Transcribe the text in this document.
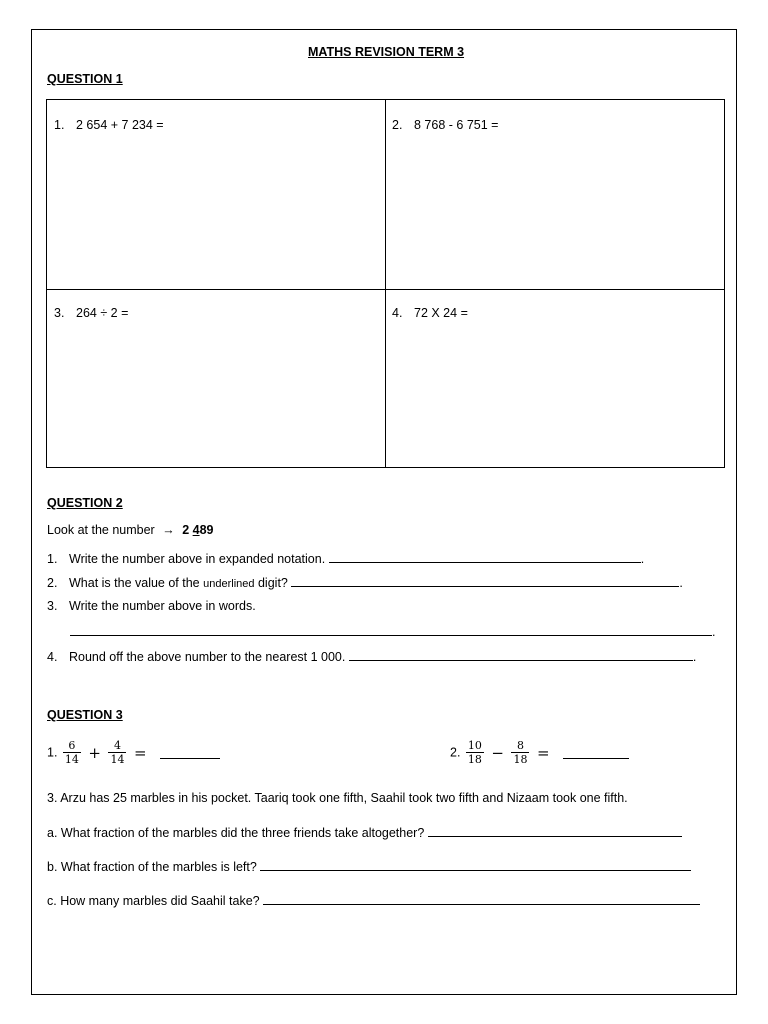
MATHS REVISION TERM 3
QUESTION 1
1. 2 654 + 7 234 =	2. 8 768 - 6 751 =
3. 264 ÷ 2 =	4. 72 X 24 =
QUESTION 2
Look at the number → 2 489
1. Write the number above in expanded notation.	.
2. What is the value of the underlined digit?	.
3. Write the number above in words.
.
4. Round off the above number to the nearest 1 000.	.
QUESTION 3
1. $\frac{6}{14} + \frac{4}{14}$ =	2. $\frac{10}{18} - \frac{8}{18}$ =
3. Arzu has 25 marbles in his pocket. Taariq took one fifth, Saahil took two fifth and Nizaam took one fifth.
a. What fraction of the marbles did the three friends take altogether?
b. What fraction of the marbles is left?
c. How many marbles did Saahil take?
